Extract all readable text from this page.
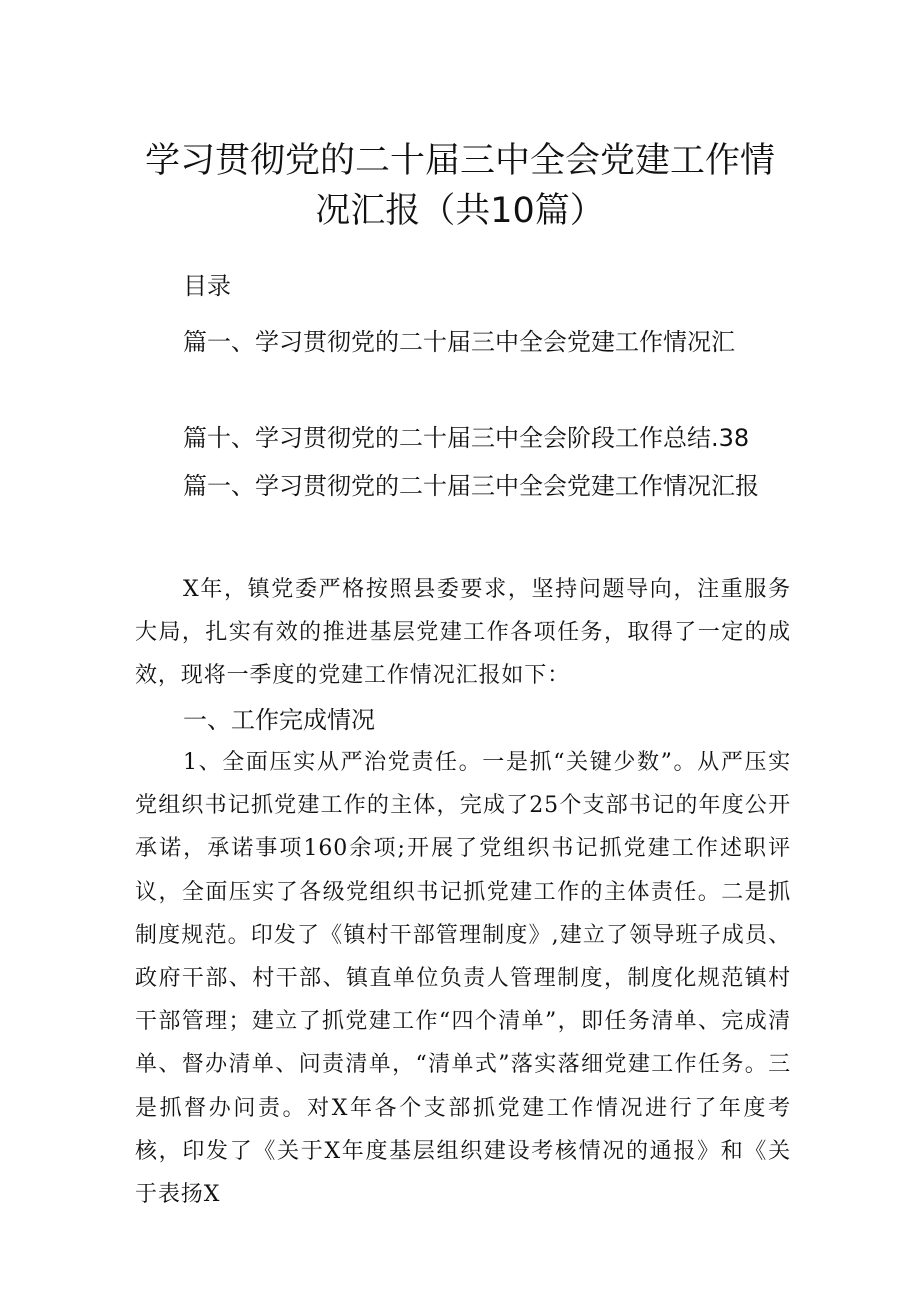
学习贯彻党的二十届三中全会党建工作情
况汇报（共10篇）
目录
篇一、学习贯彻党的二十届三中全会党建工作情况汇
篇十、学习贯彻党的二十届三中全会阶段工作总结.38
篇一、学习贯彻党的二十届三中全会党建工作情况汇报

X年，镇党委严格按照县委要求，坚持问题导向，注重服务大局，扎实有效的推进基层党建工作各项任务，取得了一定的成效，现将一季度的党建工作情况汇报如下：

一、工作完成情况

1、全面压实从严治党责任。一是抓“关键少数”。从严压实党组织书记抓党建工作的主体，完成了25个支部书记的年度公开承诺，承诺事项160余项;开展了党组织书记抓党建工作述职评议，全面压实了各级党组织书记抓党建工作的主体责任。二是抓制度规范。印发了《镇村干部管理制度》,建立了领导班子成员、政府干部、村干部、镇直单位负责人管理制度，制度化规范镇村干部管理；建立了抓党建工作“四个清单”，即任务清单、完成清单、督办清单、问责清单，“清单式”落实落细党建工作任务。三是抓督办问责。对X年各个支部抓党建工作情况进行了年度考核，印发了《关于X年度基层组织建设考核情况的通报》和《关于表扬X
